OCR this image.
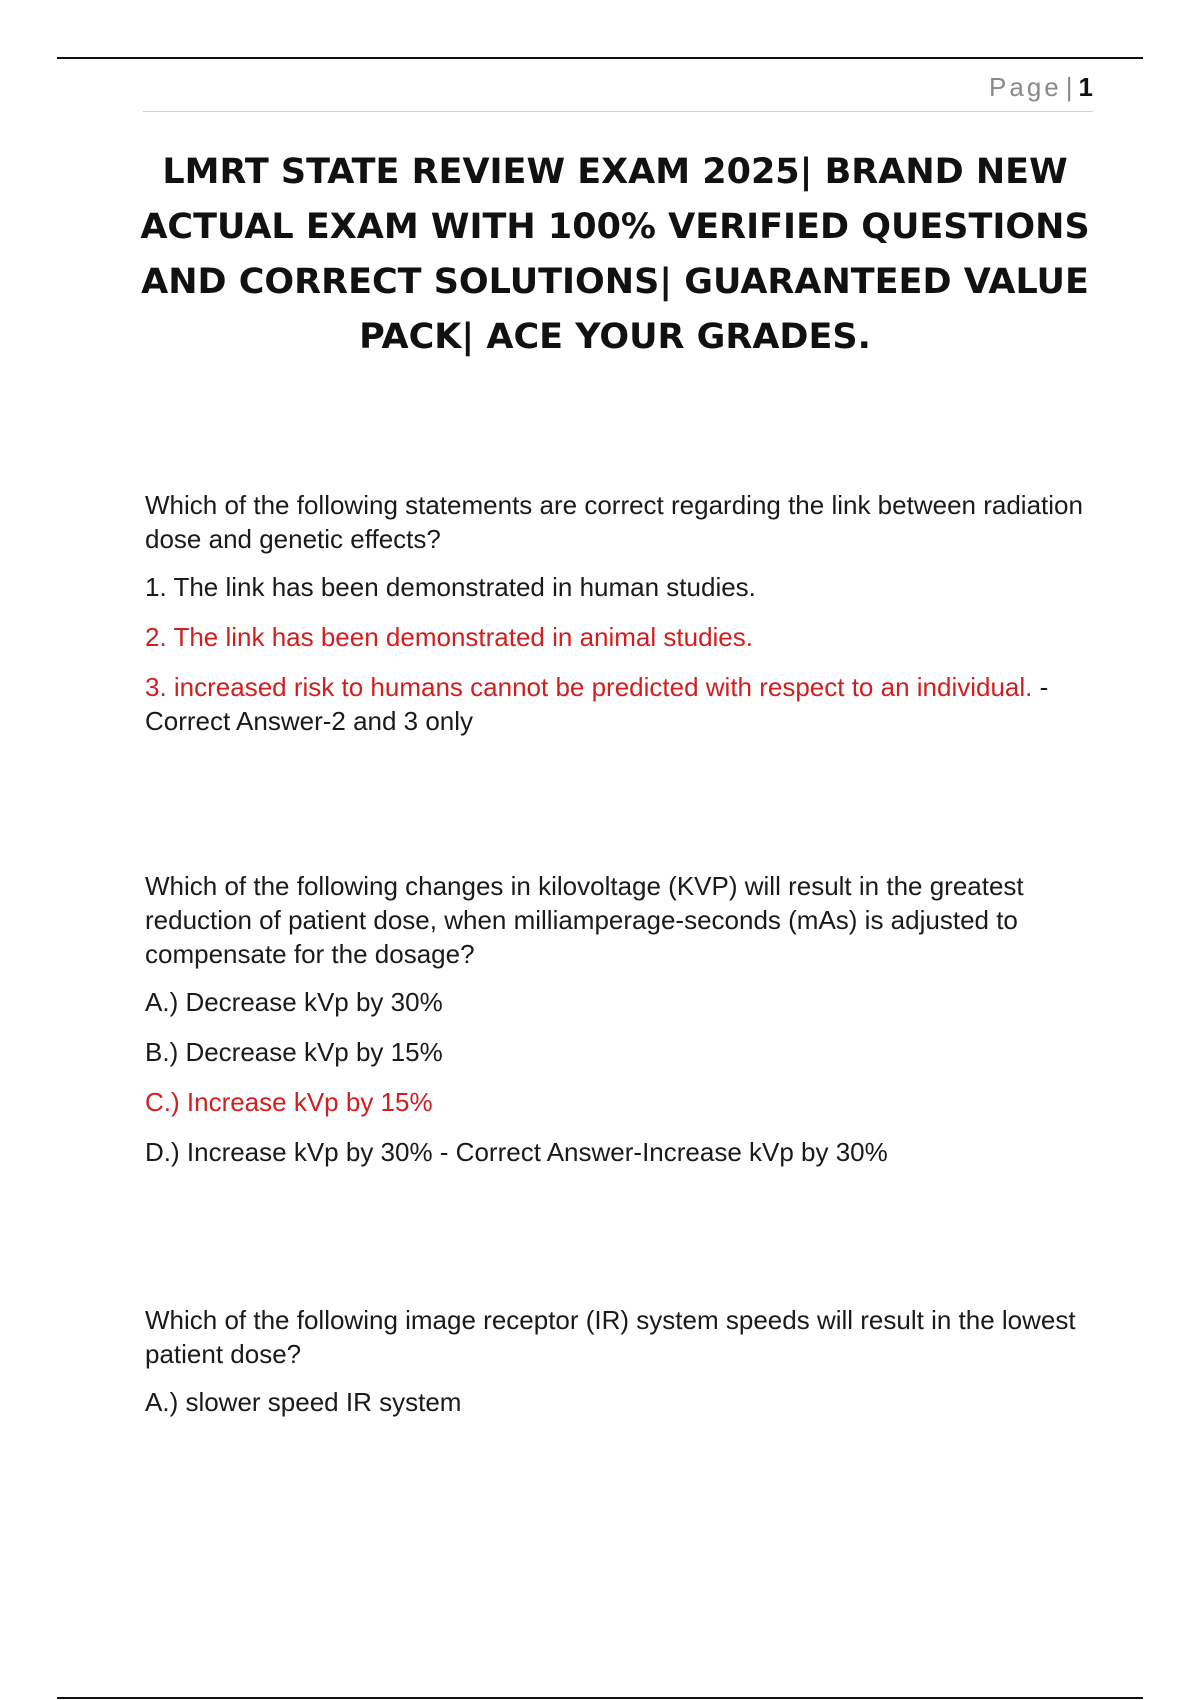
Page | 1
LMRT STATE REVIEW EXAM 2025| BRAND NEW ACTUAL EXAM WITH 100% VERIFIED QUESTIONS AND CORRECT SOLUTIONS| GUARANTEED VALUE PACK| ACE YOUR GRADES.

Which of the following statements are correct regarding the link between radiation dose and genetic effects?

1. The link has been demonstrated in human studies.

2. The link has been demonstrated in animal studies.

3. increased risk to humans cannot be predicted with respect to an individual. - Correct Answer-2 and 3 only

Which of the following changes in kilovoltage (KVP) will result in the greatest reduction of patient dose, when milliamperage-seconds (mAs) is adjusted to compensate for the dosage?

A.) Decrease kVp by 30%

B.) Decrease kVp by 15%

C.) Increase kVp by 15%

D.) Increase kVp by 30% - Correct Answer-Increase kVp by 30%

Which of the following image receptor (IR) system speeds will result in the lowest patient dose?

A.) slower speed IR system
